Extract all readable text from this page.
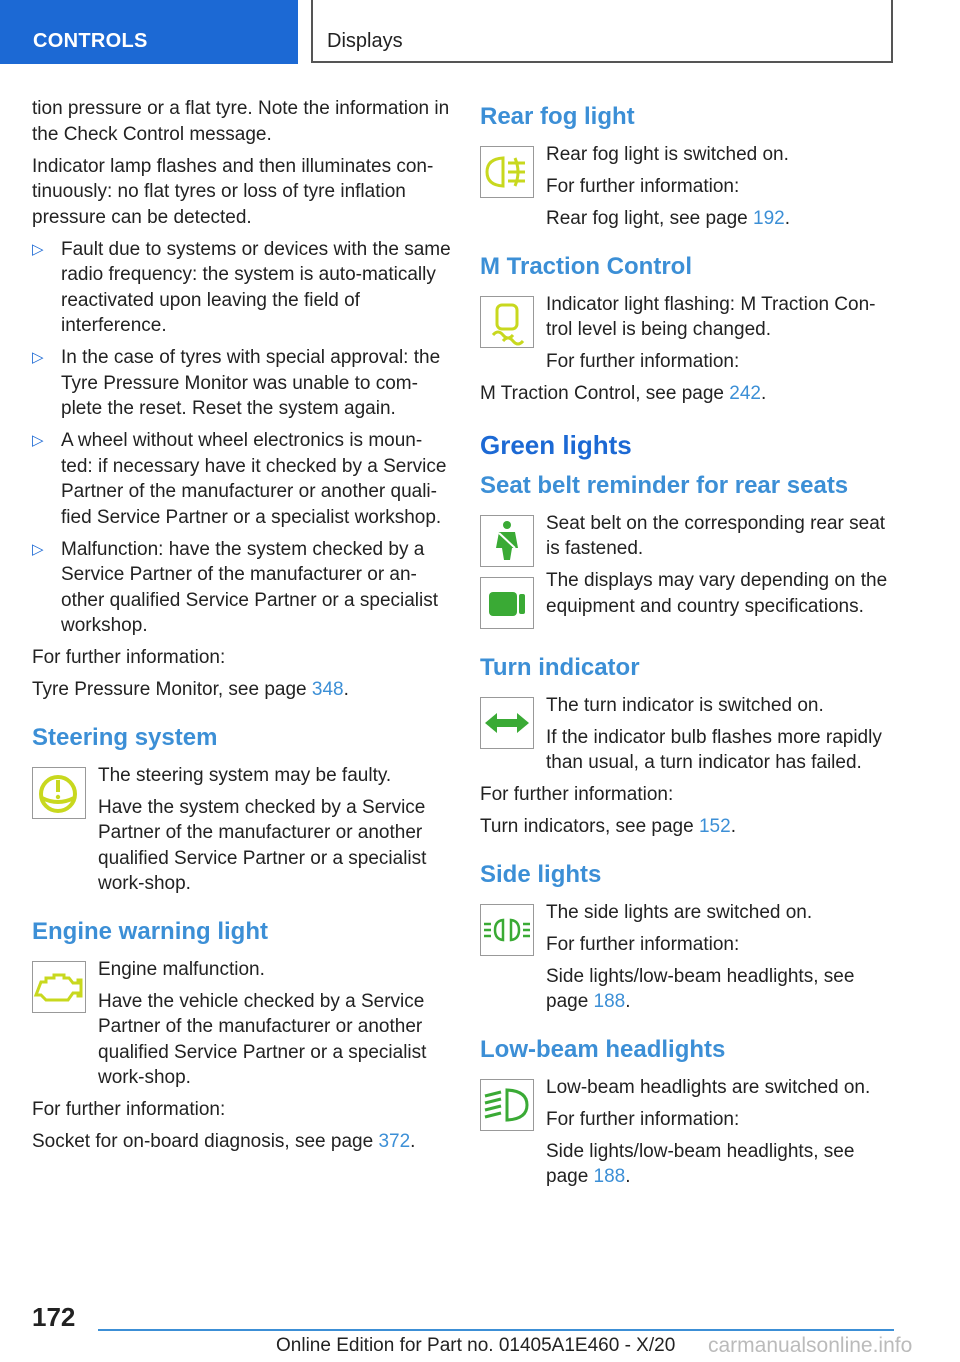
CONTROLS	Displays

tion pressure or a flat tyre. Note the information in the Check Control message.

Indicator lamp flashes and then illuminates con-tinuously: no flat tyres or loss of tyre inflation pressure can be detected.

▷ Fault due to systems or devices with the same radio frequency: the system is auto-matically reactivated upon leaving the field of interference.
▷ In the case of tyres with special approval: the Tyre Pressure Monitor was unable to com-plete the reset. Reset the system again.
▷ A wheel without wheel electronics is moun-ted: if necessary have it checked by a Service Partner of the manufacturer or another quali-fied Service Partner or a specialist workshop.
▷ Malfunction: have the system checked by a Service Partner of the manufacturer or an-other qualified Service Partner or a specialist workshop.

For further information:

Tyre Pressure Monitor, see page 348.

Steering system

The steering system may be faulty.

Have the system checked by a Service Partner of the manufacturer or another qualified Service Partner or a specialist work-shop.

Engine warning light

Engine malfunction.

Have the vehicle checked by a Service Partner of the manufacturer or another qualified Service Partner or a specialist work-shop.

For further information:

Socket for on-board diagnosis, see page 372.

Rear fog light

Rear fog light is switched on.

For further information:

Rear fog light, see page 192.

M Traction Control

Indicator light flashing: M Traction Con-trol level is being changed.

For further information:

M Traction Control, see page 242.

Green lights
Seat belt reminder for rear seats

Seat belt on the corresponding rear seat is fastened.

The displays may vary depending on the equipment and country specifications.

Turn indicator

The turn indicator is switched on.

If the indicator bulb flashes more rapidly than usual, a turn indicator has failed.

For further information:

Turn indicators, see page 152.

Side lights

The side lights are switched on.

For further information:

Side lights/low-beam headlights, see page 188.

Low-beam headlights

Low-beam headlights are switched on.

For further information:

Side lights/low-beam headlights, see page 188.

172
Online Edition for Part no. 01405A1E460 - X/20 carmanualsonline.info
